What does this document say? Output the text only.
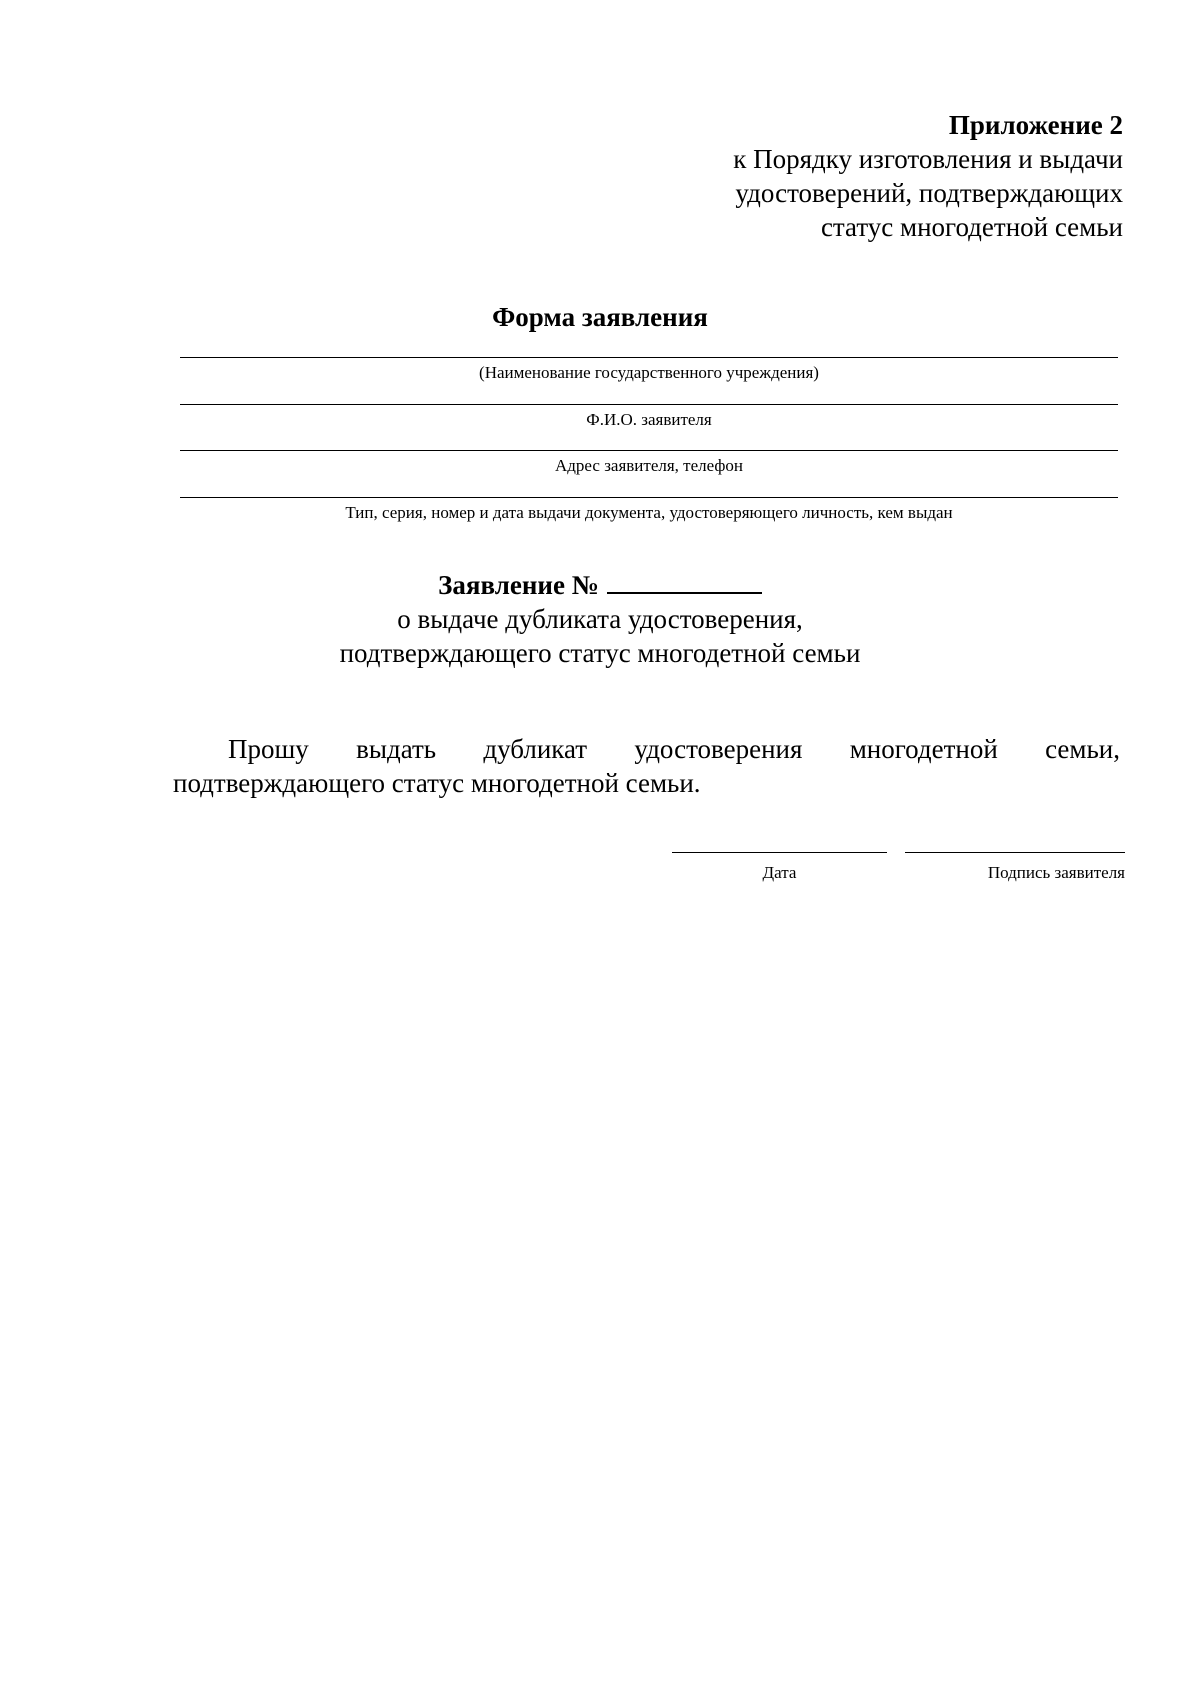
Приложение 2
к Порядку изготовления и выдачи
удостоверений, подтверждающих
статус многодетной семьи
Форма заявления
(Наименование государственного учреждения)
Ф.И.О. заявителя
Адрес заявителя, телефон
Тип, серия, номер и дата выдачи документа, удостоверяющего личность, кем выдан
Заявление №
о выдаче дубликата удостоверения,
подтверждающего статус многодетной семьи
Прошу выдать дубликат удостоверения многодетной семьи,
подтверждающего статус многодетной семьи.
Дата	Подпись заявителя
